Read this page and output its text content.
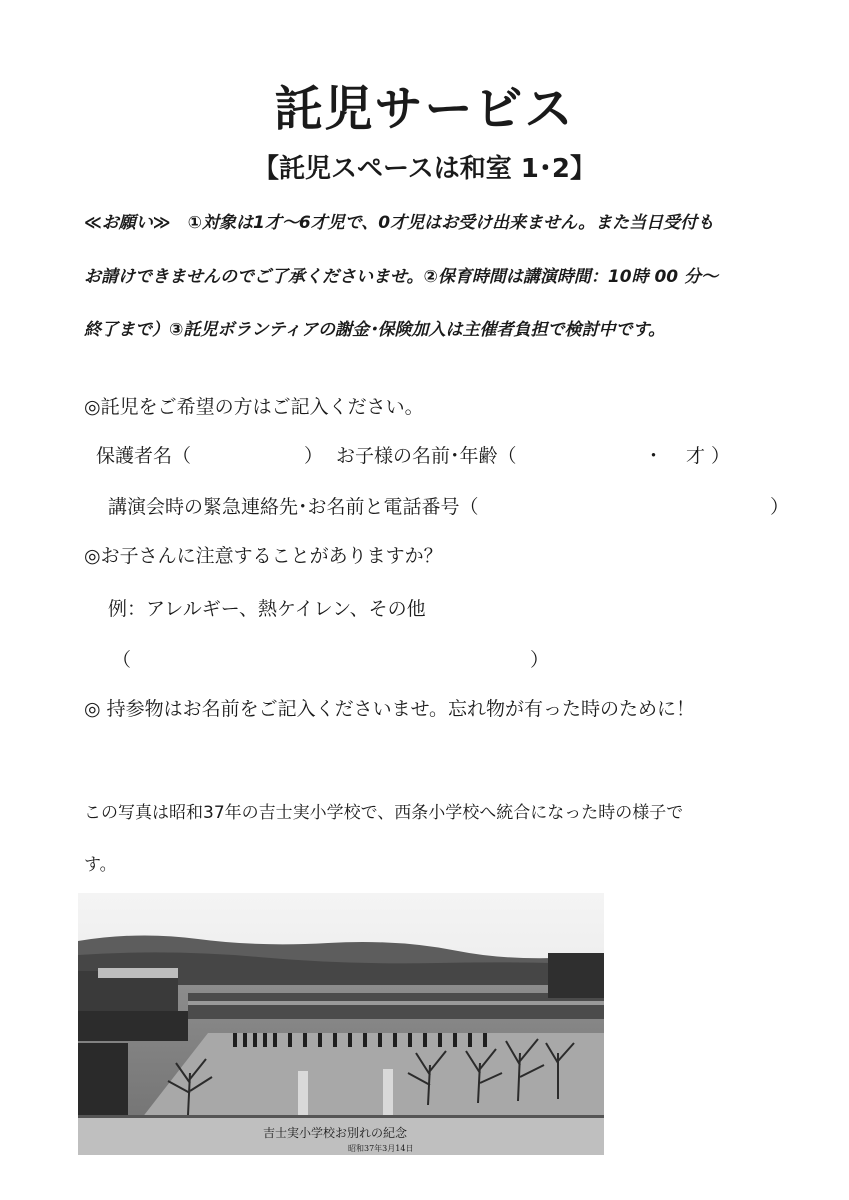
託児サービス
【託児スペースは和室 1･2】
≪お願い≫　①対象は1才～6才児で、0才児はお受け出来ません。また当日受付も
お請けできませんのでご了承くださいませ。②保育時間は講演時間：10時 00 分～
終了まで）③託児ボランティアの謝金･保険加入は主催者負担で検討中です。
◎託児をご希望の方はご記入ください。
保護者名（	） お子様の名前･年齢（	・ 才 ）
講演会時の緊急連絡先･お名前と電話番号（	）
◎お子さんに注意することがありますか？
例：アレルギー、熱ケイレン、その他
（	）
◎ 持参物はお名前をご記入くださいませ。忘れ物が有った時のために！
この写真は昭和37年の吉士実小学校で、西条小学校へ統合になった時の様子で
す。
吉士実小学校お別れの紀念
昭和37年3月14日
